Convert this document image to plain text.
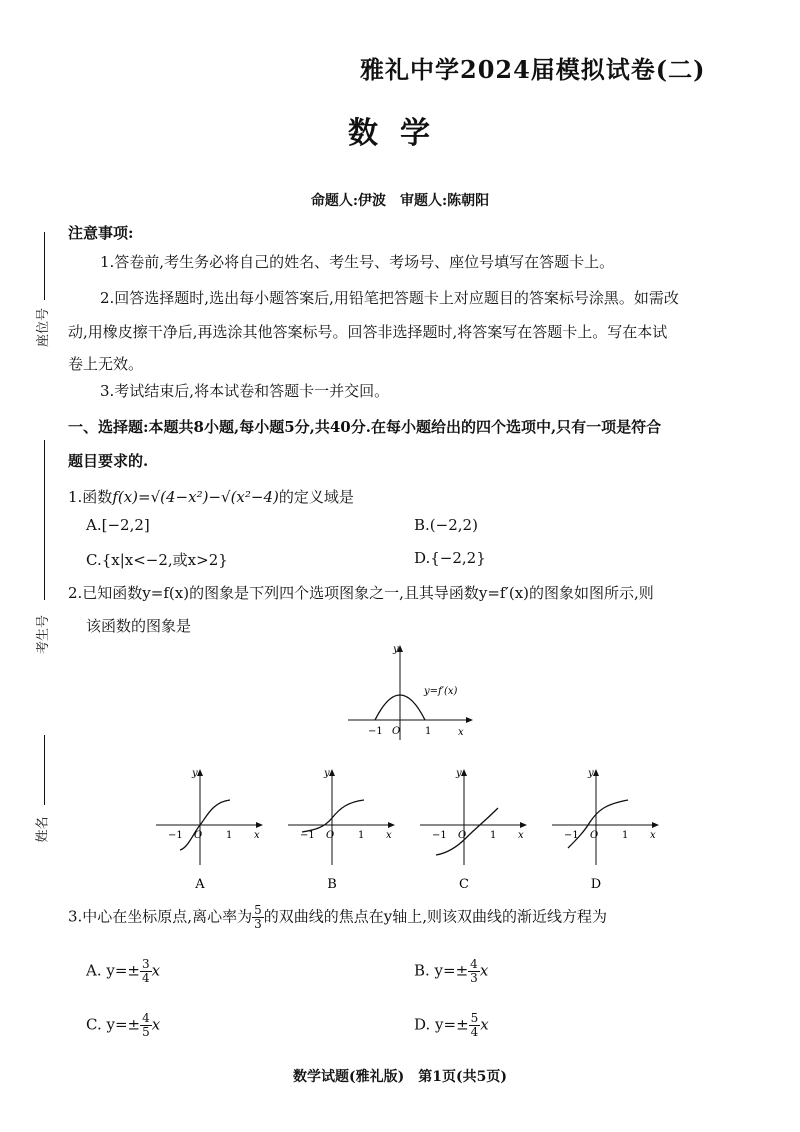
雅礼中学2024届模拟试卷(二)
数学
命题人:伊波　审题人:陈朝阳
座位号
考生号
姓名
注意事项:
1.答卷前,考生务必将自己的姓名、考生号、考场号、座位号填写在答题卡上。
2.回答选择题时,选出每小题答案后,用铅笔把答题卡上对应题目的答案标号涂黑。如需改
动,用橡皮擦干净后,再选涂其他答案标号。回答非选择题时,将答案写在答题卡上。写在本试
卷上无效。
3.考试结束后,将本试卷和答题卡一并交回。
一、选择题:本题共8小题,每小题5分,共40分.在每小题给出的四个选项中,只有一项是符合
题目要求的.
1.函数f(x)=√(4−x²)−√(x²−4)的定义域是
A.[−2,2]	B.(−2,2)
C.{x|x<−2,或x>2}	D.{−2,2}
2.已知函数y=f(x)的图象是下列四个选项图象之一,且其导函数y=f′(x)的图象如图所示,则
该函数的图象是
y
x
O
−1	1
y=f′(x)
y
x
O
−1	1
y
x
O
−1	1
y
x
O
−1	1
y
x
O
−1	1
A	B	C	D
3.中心在坐标原点,离心率为 $\frac{5}{3}$ 的双曲线的焦点在y轴上,则该双曲线的渐近线方程为
A. $y=\pm \frac{3}{4}$ x	B. $y=\pm \frac{4}{3}$ x
C. $y=\pm \frac{4}{5}$ x	D. $y=\pm \frac{5}{4}$ x
数学试题(雅礼版)　第1页(共5页)
